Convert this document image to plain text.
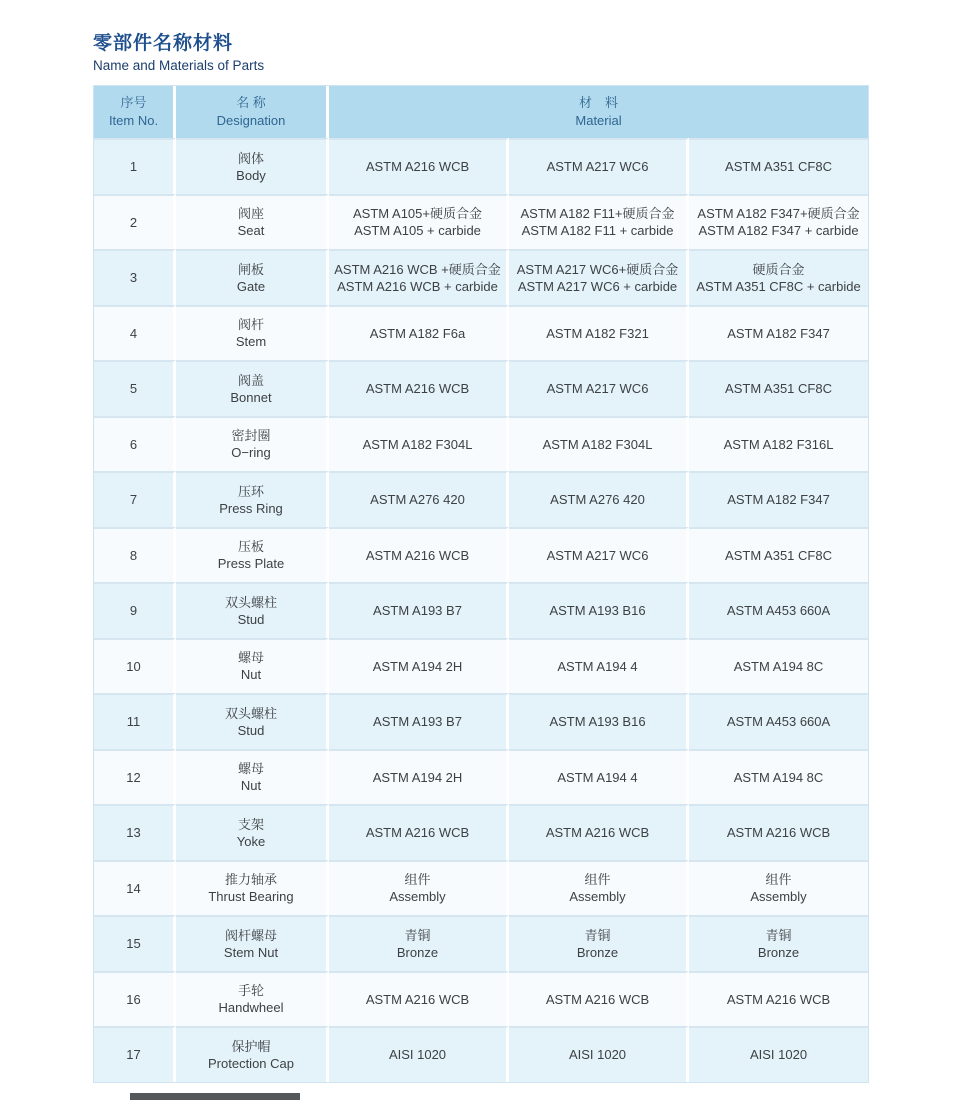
零部件名称材料
Name and Materials of Parts
序号
Item No.	名 称
Designation	材　料
Material		

1	阀体
Body	ASTM A216 WCB	ASTM A217 WC6	ASTM A351 CF8C

2	阀座
Seat	ASTM A105+硬质合金
ASTM A105 + carbide	ASTM A182 F11+硬质合金
ASTM A182 F11 + carbide	ASTM A182 F347+硬质合金
ASTM A182 F347 + carbide

3	闸板
Gate	ASTM A216 WCB +硬质合金
ASTM A216 WCB + carbide	ASTM A217 WC6+硬质合金
ASTM A217 WC6 + carbide	硬质合金
ASTM A351 CF8C + carbide

4	阀杆
Stem	ASTM A182 F6a	ASTM A182 F321	ASTM A182 F347

5	阀盖
Bonnet	ASTM A216 WCB	ASTM A217 WC6	ASTM A351 CF8C

6	密封圈
O−ring	ASTM A182 F304L	ASTM A182 F304L	ASTM A182 F316L

7	压环
Press Ring	ASTM A276 420	ASTM A276 420	ASTM A182 F347

8	压板
Press Plate	ASTM A216 WCB	ASTM A217 WC6	ASTM A351 CF8C

9	双头螺柱
Stud	ASTM A193 B7	ASTM A193 B16	ASTM A453 660A

10	螺母
Nut	ASTM A194 2H	ASTM A194 4	ASTM A194 8C

11	双头螺柱
Stud	ASTM A193 B7	ASTM A193 B16	ASTM A453 660A

12	螺母
Nut	ASTM A194 2H	ASTM A194 4	ASTM A194 8C

13	支架
Yoke	ASTM A216 WCB	ASTM A216 WCB	ASTM A216 WCB

14	推力轴承
Thrust Bearing	组件
Assembly	组件
Assembly	组件
Assembly

15	阀杆螺母
Stem Nut	青铜
Bronze	青铜
Bronze	青铜
Bronze

16	手轮
Handwheel	ASTM A216 WCB	ASTM A216 WCB	ASTM A216 WCB

17	保护帽
Protection Cap	AISI 1020	AISI 1020	AISI 1020
